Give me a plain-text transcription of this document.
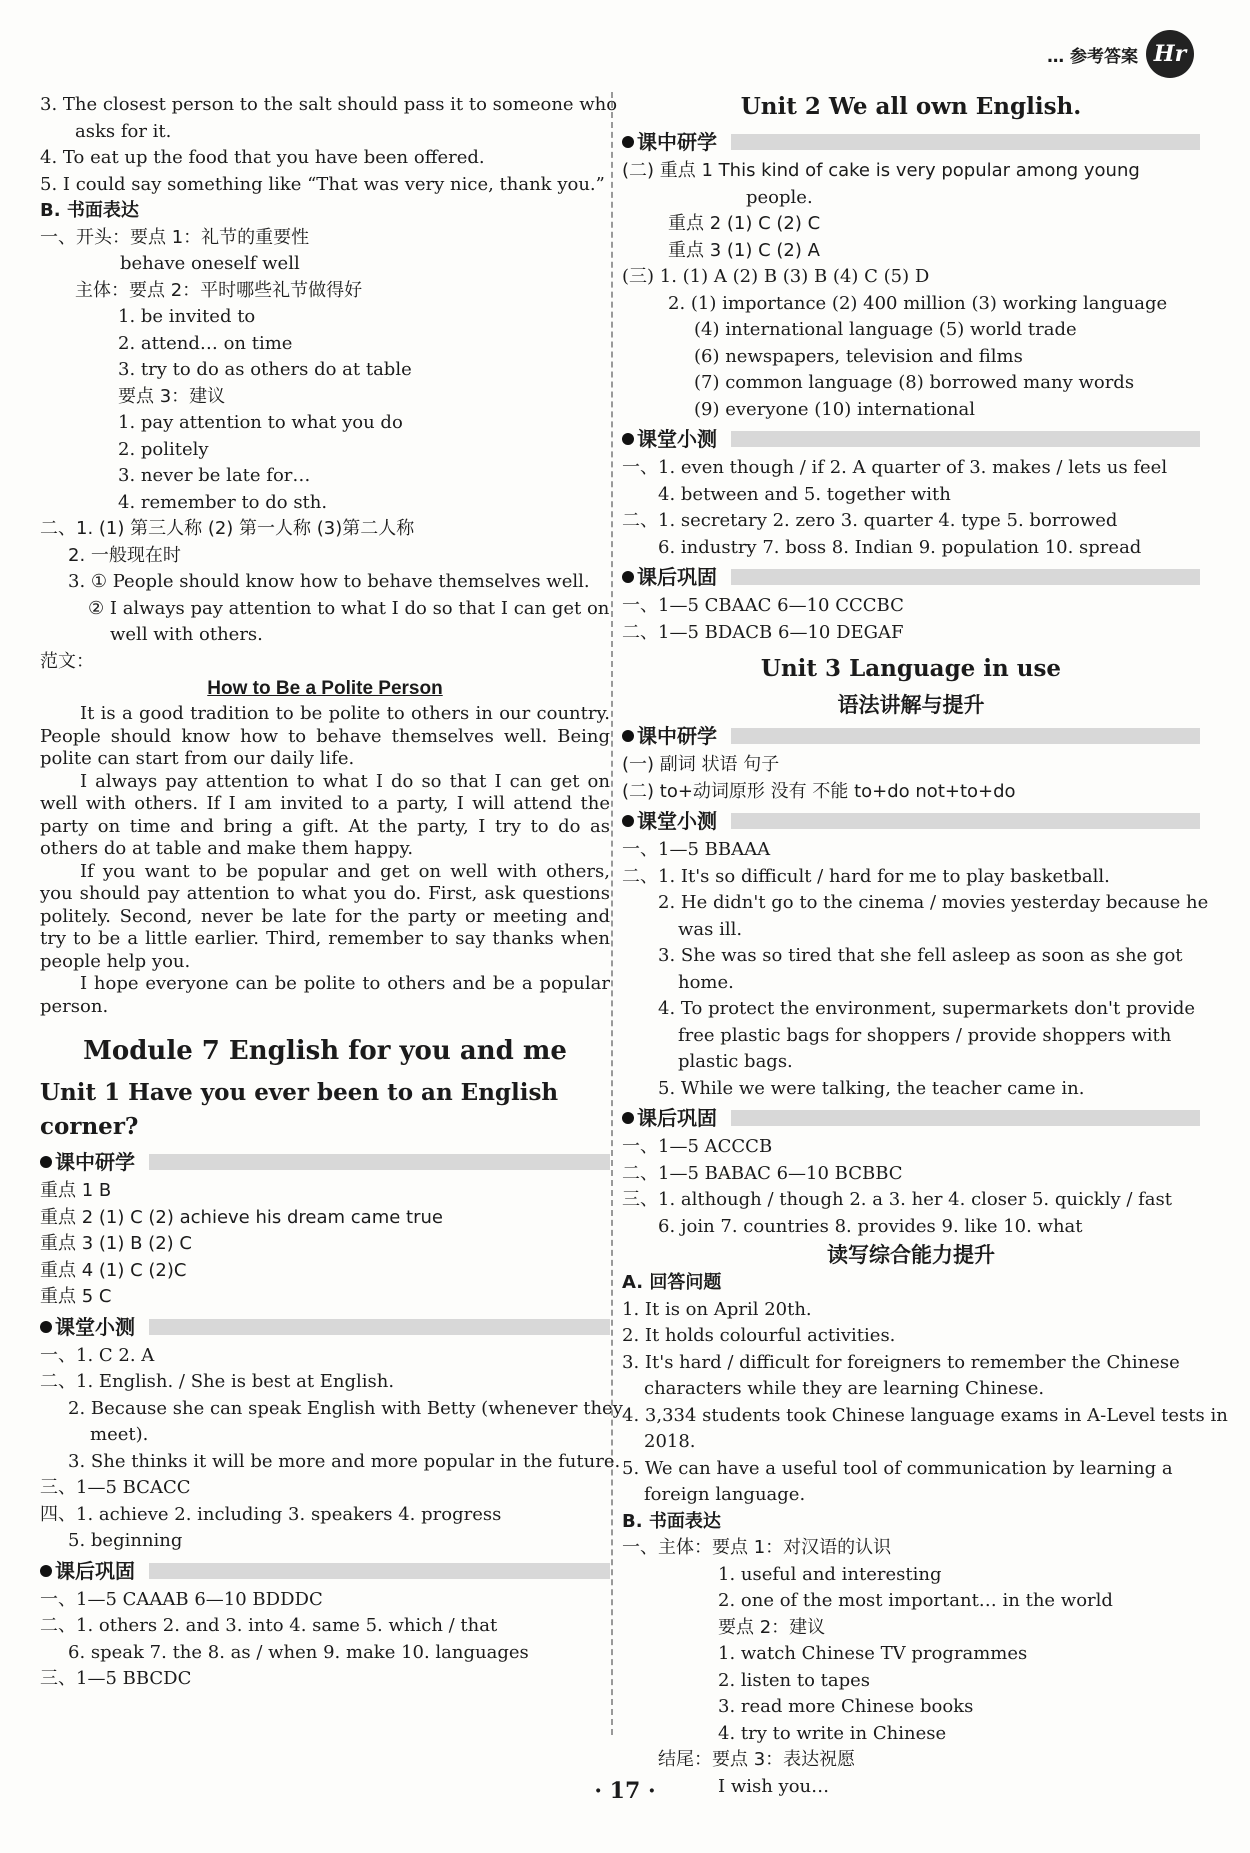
… 参考答案 Hr
3. The closest person to the salt should pass it to someone who
asks for it.
4. To eat up the food that you have been offered.
5. I could say something like “That was very nice, thank you.”
B. 书面表达
一、开头：要点 1：礼节的重要性
behave oneself well
主体：要点 2：平时哪些礼节做得好
1. be invited to
2. attend… on time
3. try to do as others do at table
要点 3：建议
1. pay attention to what you do
2. politely
3. never be late for…
4. remember to do sth.
二、1. (1) 第三人称 (2) 第一人称 (3)第二人称
2. 一般现在时
3. ① People should know how to behave themselves well.
② I always pay attention to what I do so that I can get on
well with others.
范文：
How to Be a Polite Person
It is a good tradition to be polite to others in our country. People should know how to behave themselves well. Being polite can start from our daily life.
I always pay attention to what I do so that I can get on well with others. If I am invited to a party, I will attend the party on time and bring a gift. At the party, I try to do as others do at table and make them happy.
If you want to be popular and get on well with others, you should pay attention to what you do. First, ask questions politely. Second, never be late for the party or meeting and try to be a little earlier. Third, remember to say thanks when people help you.
I hope everyone can be polite to others and be a popular person.
Module 7 English for you and me
Unit 1 Have you ever been to an English corner?
课中研学
重点 1 B
重点 2 (1) C (2) achieve his dream came true
重点 3 (1) B (2) C
重点 4 (1) C (2)C
重点 5 C
课堂小测
一、1. C 2. A
二、1. English. / She is best at English.
2. Because she can speak English with Betty (whenever they
meet).
3. She thinks it will be more and more popular in the future.
三、1—5 BCACC
四、1. achieve 2. including 3. speakers 4. progress
5. beginning
课后巩固
一、1—5 CAAAB 6—10 BDDDC
二、1. others 2. and 3. into 4. same 5. which / that
6. speak 7. the 8. as / when 9. make 10. languages
三、1—5 BBCDC
Unit 2 We all own English.
课中研学
(二) 重点 1 This kind of cake is very popular among young
people.
重点 2 (1) C (2) C
重点 3 (1) C (2) A
(三) 1. (1) A (2) B (3) B (4) C (5) D
2. (1) importance (2) 400 million (3) working language
(4) international language (5) world trade
(6) newspapers, television and films
(7) common language (8) borrowed many words
(9) everyone (10) international
课堂小测
一、1. even though / if 2. A quarter of 3. makes / lets us feel
4. between and 5. together with
二、1. secretary 2. zero 3. quarter 4. type 5. borrowed
6. industry 7. boss 8. Indian 9. population 10. spread
课后巩固
一、1—5 CBAAC 6—10 CCCBC
二、1—5 BDACB 6—10 DEGAF
Unit 3 Language in use
语法讲解与提升
课中研学
(一) 副词 状语 句子
(二) to+动词原形 没有 不能 to+do not+to+do
课堂小测
一、1—5 BBAAA
二、1. It's so difficult / hard for me to play basketball.
2. He didn't go to the cinema / movies yesterday because he
was ill.
3. She was so tired that she fell asleep as soon as she got
home.
4. To protect the environment, supermarkets don't provide
free plastic bags for shoppers / provide shoppers with
plastic bags.
5. While we were talking, the teacher came in.
课后巩固
一、1—5 ACCCB
二、1—5 BABAC 6—10 BCBBC
三、1. although / though 2. a 3. her 4. closer 5. quickly / fast
6. join 7. countries 8. provides 9. like 10. what
读写综合能力提升
A. 回答问题
1. It is on April 20th.
2. It holds colourful activities.
3. It's hard / difficult for foreigners to remember the Chinese
characters while they are learning Chinese.
4. 3,334 students took Chinese language exams in A-Level tests in
2018.
5. We can have a useful tool of communication by learning a
foreign language.
B. 书面表达
一、主体：要点 1：对汉语的认识
1. useful and interesting
2. one of the most important… in the world
要点 2：建议
1. watch Chinese TV programmes
2. listen to tapes
3. read more Chinese books
4. try to write in Chinese
结尾：要点 3：表达祝愿
I wish you…
· 17 ·
